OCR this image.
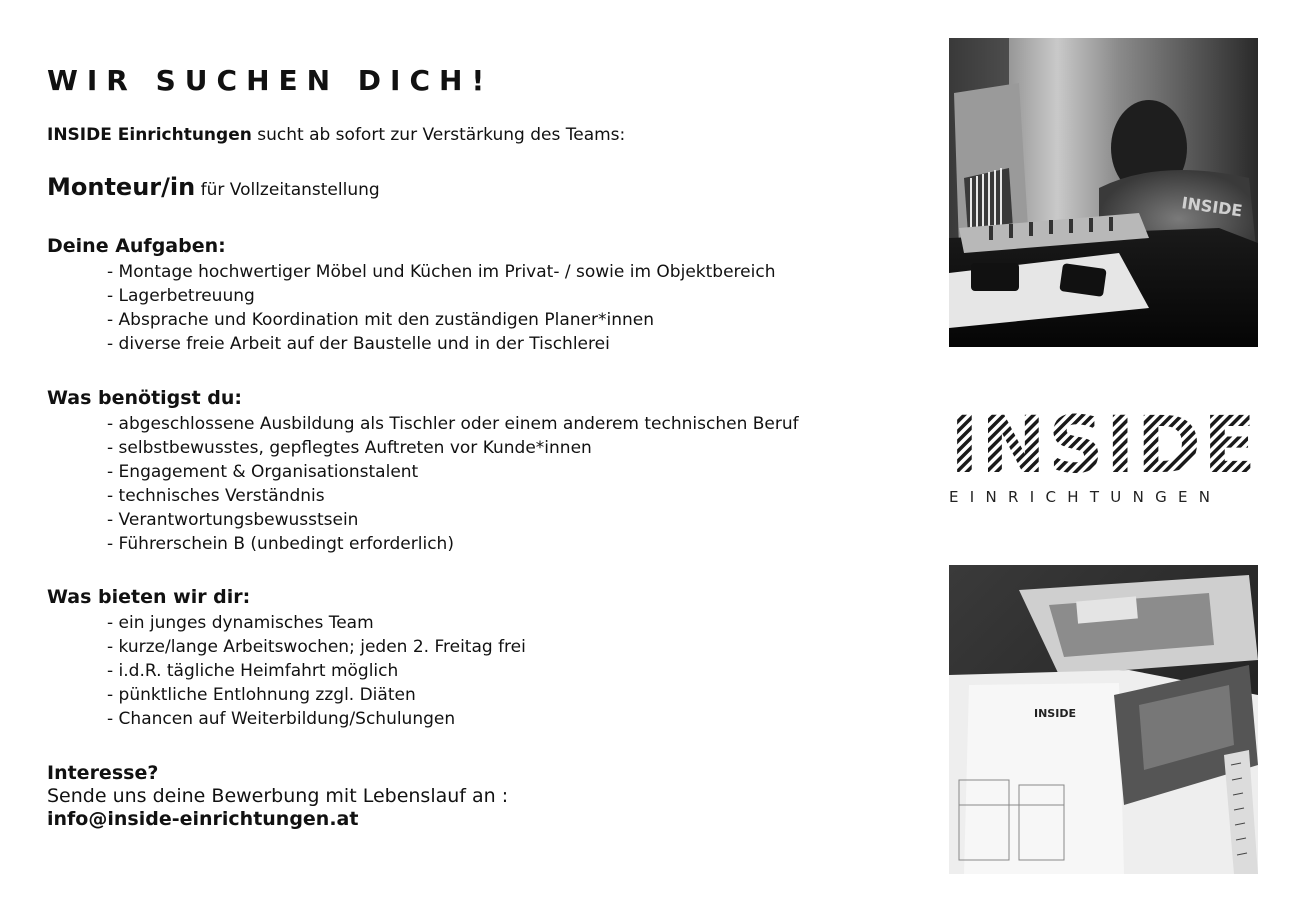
WIR SUCHEN DICH!
INSIDE Einrichtungen sucht ab sofort zur Verstärkung des Teams:
Monteur/in für Vollzeitanstellung
Deine Aufgaben:
- Montage hochwertiger Möbel und Küchen im Privat- / sowie im Objektbereich
- Lagerbetreuung
- Absprache und Koordination mit den zuständigen Planer*innen
- diverse freie Arbeit auf der Baustelle und in der Tischlerei
Was benötigst du:
- abgeschlossene Ausbildung als Tischler oder einem anderem technischen Beruf
- selbstbewusstes, gepflegtes Auftreten vor Kunde*innen
- Engagement & Organisationstalent
- technisches Verständnis
- Verantwortungsbewusstsein
- Führerschein B (unbedingt erforderlich)
Was bieten wir dir:
- ein junges dynamisches Team
- kurze/lange Arbeitswochen; jeden 2. Freitag frei
- i.d.R. tägliche Heimfahrt möglich
- pünktliche Entlohnung zzgl. Diäten
- Chancen auf Weiterbildung/Schulungen
Interesse?
Sende uns deine Bewerbung mit Lebenslauf an :
info@inside-einrichtungen.at
INSIDE
INSIDE
EINRICHTUNGEN
INSIDE
